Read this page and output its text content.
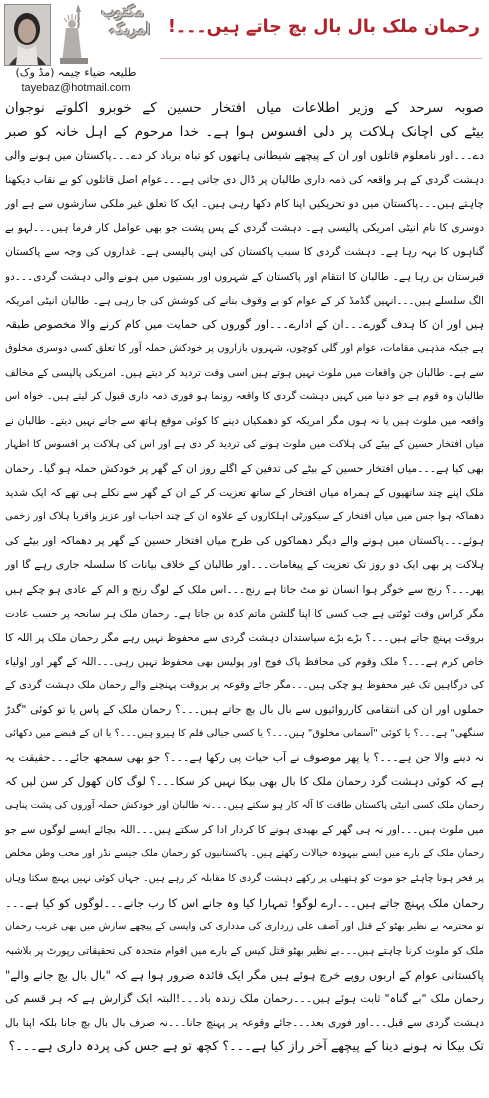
مکتوب
امریکہ
طلیعہ ضیاء چیمہ (مڈ وک)
tayebaz@hotmail.com
رحمان ملک بال بال بچ جاتے ہیں۔۔۔!
صوبہ سرحد کے وزیر اطلاعات میاں افتخار حسین کے خوبرو اکلوتے نوجوان
بیٹے کی اچانک ہلاکت پر دلی افسوس ہوا ہے۔ خدا مرحوم کے اہل خانہ کو صبر
دے۔۔۔اور نامعلوم قاتلوں اور ان کے پیچھے شیطانی ہاتھوں کو تباہ برباد کر دے۔۔۔پاکستان میں ہونے والی
دہشت گردی کے ہر واقعہ کی ذمہ داری طالبان پر ڈال دی جاتی ہے۔۔۔عوام اصل قاتلوں کو بے نقاب دیکھنا
چاہتے ہیں۔۔۔پاکستان میں دو تحریکیں اپنا کام دکھا رہی ہیں۔ ایک کا تعلق غیر ملکی سازشوں سے ہے اور
دوسری کا نام انیٹی امریکی پالیسی ہے۔ دہشت گردی کے پس پشت جو بھی عوامل کار فرما ہیں۔۔۔لہو بے
گناہوں کا بہہ رہا ہے۔ دہشت گردی کا سبب پاکستان کی اپنی پالیسی ہے۔ غداروں کی وجہ سے پاکستان
قبرستان بن رہا ہے۔ طالبان کا انتقام اور پاکستان کے شہروں اور بستیوں میں ہونے والی دہشت گردی۔۔۔دو
الگ سلسلے ہیں۔۔۔انہیں گڈمڈ کر کے عوام کو بے وقوف بنانے کی کوشش کی جا رہی ہے۔ طالبان انیٹی امریکہ
ہیں اور ان کا ہدف گورے۔۔۔ان کے ادارے۔۔۔اور گوروں کی حمایت میں کام کرنے والا مخصوص طبقہ
ہے جبکہ مذہبی مقامات، عوام اور گلی کوچوں، شہروں بازاروں پر خودکش حملہ آور کا تعلق کسی دوسری مخلوق
سے ہے۔ طالبان جن واقعات میں ملوث نہیں ہوتے ہیں اسی وقت تردید کر دیتے ہیں۔ امریکی پالیسی کے مخالف
طالبان وہ قوم ہے جو دنیا میں کہیں دہشت گردی کا واقعہ رونما ہو فوری ذمہ داری قبول کر لیتے ہیں۔ خواہ اس
واقعہ میں ملوث ہیں یا نہ ہوں مگر امریکہ کو دھمکیاں دینے کا کوئی موقع ہاتھ سے جانے نہیں دیتے۔ طالبان نے
میاں افتخار حسین کے بیٹے کی ہلاکت میں ملوث ہونے کی تردید کر دی ہے اور اس کی ہلاکت پر افسوس کا اظہار
بھی کیا ہے۔۔۔میاں افتخار حسین کے بیٹے کی تدفین کے اگلے روز ان کے گھر پر خودکش حملہ ہو گیا۔ رحمان
ملک اپنے چند ساتھیوں کے ہمراہ میاں افتخار کے ساتھ تعزیت کر کے ان کے گھر سے نکلے ہی تھے کہ ایک شدید
دھماکہ ہوا جس میں میاں افتخار کے سیکورٹی اہلکاروں کے علاوہ ان کے چند احباب اور عزیز واقربا ہلاک اور زخمی
ہوئے۔۔۔پاکستان میں ہونے والے دیگر دھماکوں کی طرح میاں افتخار حسین کے گھر پر دھماکہ اور بیٹے کی
ہلاکت پر بھی ایک دو روز تک تعزیت کے پیغامات۔۔۔اور طالبان کے خلاف بیانات کا سلسلہ جاری رہے گا اور
پھر۔۔۔؟ رنج سے خوگر ہوا انسان تو مٹ جاتا ہے رنج۔۔۔اس ملک کے لوگ رنج و الم کے عادی ہو چکے ہیں
مگر کراس وقت ٹوٹتی ہے جب کسی کا اپنا گلشن ماتم کدہ بن جاتا ہے۔ رحمان ملک ہر سانحہ پر حسب عادت
بروقت پہنچ جاتے ہیں۔۔۔؟ بڑے بڑے سیاستدان دہشت گردی سے محفوظ نہیں رہے مگر رحمان ملک پر اللہ کا
خاص کرم ہے۔۔۔؟ ملک وقوم کی محافظ پاک فوج اور پولیس بھی محفوظ نہیں رہی۔۔۔اللہ کے گھر اور اولیاء
کی درگاہیں تک غیر محفوظ ہو چکی ہیں۔۔۔مگر جائے وقوعہ پر بروقت پہنچنے والے رحمان ملک دہشت گردی کے
حملوں اور ان کی انتقامی کارروائیوں سے بال بال بچ جاتے ہیں۔۔۔؟ رحمان ملک کے پاس یا تو کوئی "گدڑ
سنگھی" ہے۔۔۔؟ یا کوئی "آسمانی مخلوق" ہیں۔۔۔؟ یا کسی جیالی فلم کا ہیرو ہیں۔۔۔؟ یا ان کے قبضے میں دکھائی
نہ دینے والا جن ہے۔۔۔؟ یا پھر موصوف نے آب حیات پی رکھا ہے۔۔۔؟ جو بھی سمجھ جائے۔۔۔حقیقت یہ
ہے کہ کوئی دہشت گرد رحمان ملک کا بال بھی بیکا نہیں کر سکا۔۔۔؟ لوگ کان کھول کر سن لیں کہ
رحمان ملک کسی انیٹی پاکستان طاقت کا آلہ کار ہو سکتے ہیں۔۔۔نہ طالبان اور خودکش حملہ آوروں کی پشت پناہی
میں ملوث ہیں۔۔۔اور نہ ہی گھر کے بھیدی ہونے کا کردار ادا کر سکتے ہیں۔۔۔اللہ بچائے ایسے لوگوں سے جو
رحمان ملک کے بارے میں ایسے بیہودہ خیالات رکھتے ہیں۔ پاکستانیوں کو رحمان ملک جیسے نڈر اور محب وطن مخلص
پر فخر ہونا چاہئے جو موت کو ہتھیلی پر رکھے دہشت گردی کا مقابلہ کر رہے ہیں۔ جہاں کوئی نہیں پہنچ سکتا وہاں
رحمان ملک پہنچ جاتے ہیں۔۔۔ارے لوگو! تمہارا کیا وہ جانے اس کا رب جانے۔۔۔لوگوں کو کیا ہے۔۔۔
تو محترمہ بے نظیر بھٹو کے قتل اور آصف علی زرداری کی مدداری کی واپسی کے پیچھے سازش میں بھی غریب رحمان
ملک کو ملوث کرنا چاہتے ہیں۔۔۔بے نظیر بھٹو قتل کیس کے بارے میں اقوام متحدہ کی تحقیقاتی رپورٹ پر بلاشبہ
پاکستانی عوام کے اربوں روپے خرچ ہوئے ہیں مگر ایک فائدہ ضرور ہوا ہے کہ "بال بال بچ جانے والے"
رحمان ملک "بے گناہ" ثابت ہوئے ہیں۔۔۔رحمان ملک زندہ باد۔۔۔!البتہ ایک گزارش ہے کہ ہر قسم کی
دہشت گردی سے قبل۔۔۔اور فوری بعد۔۔۔جائے وقوعہ پر پہنچ جانا۔۔۔نہ صرف بال بال بچ جانا بلکہ اپنا بال
تک بیکا نہ ہونے دینا کے پیچھے آخر راز کیا ہے۔۔۔؟ کچھ تو ہے جس کی پردہ داری ہے۔۔۔؟
